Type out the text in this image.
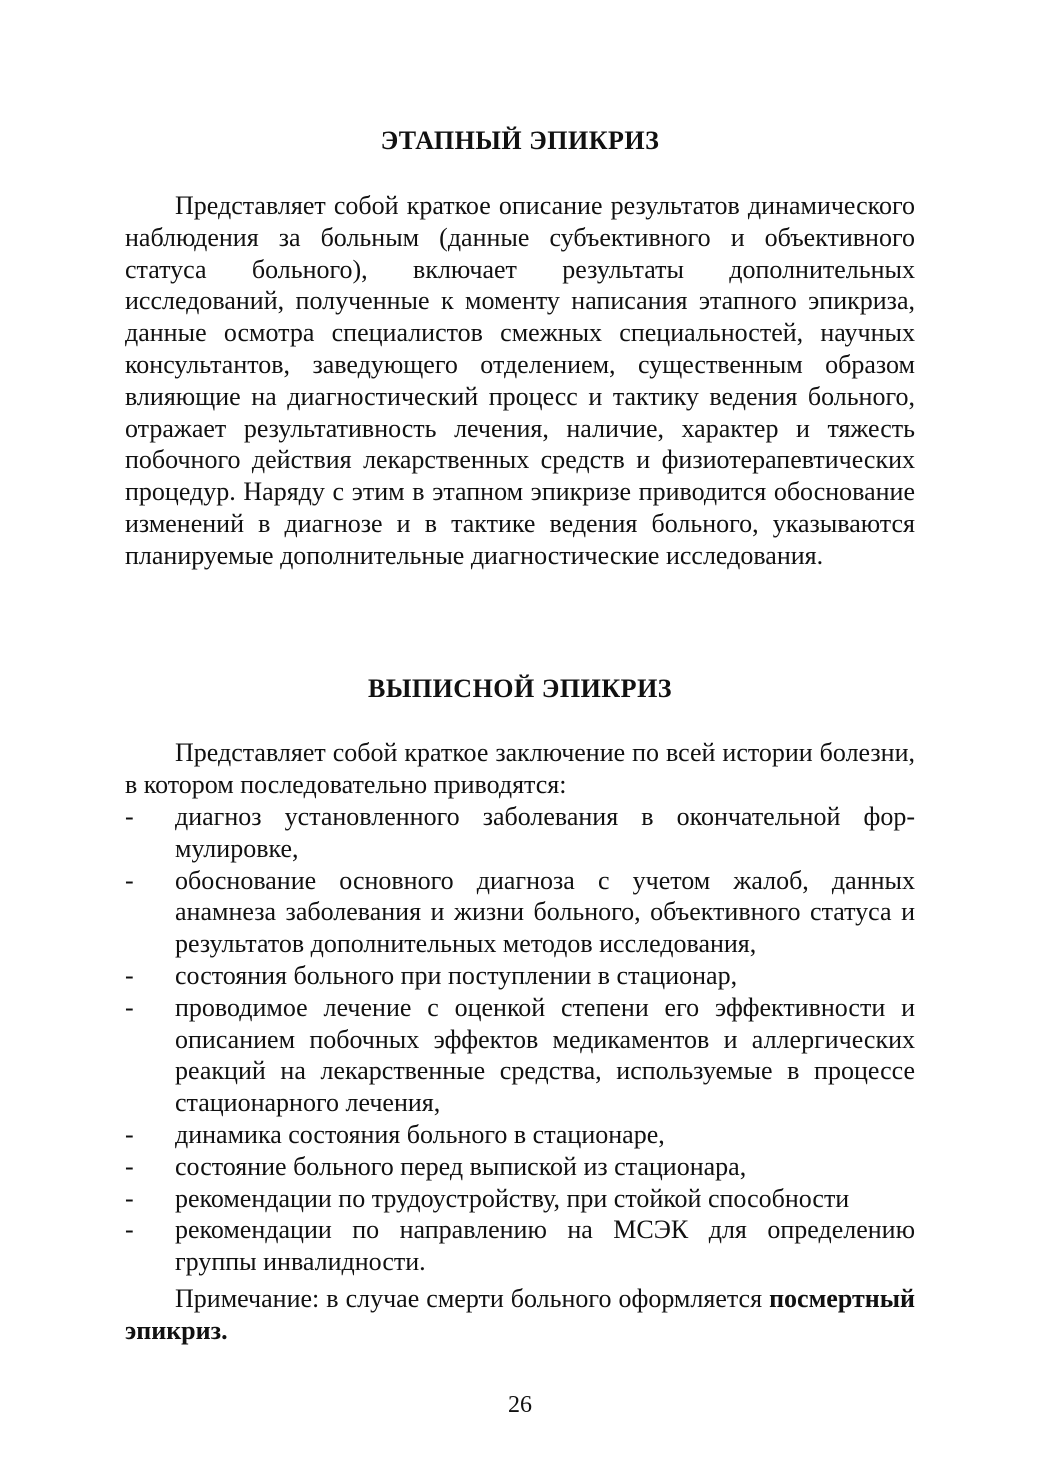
ЭТАПНЫЙ ЭПИКРИЗ

Представляет собой краткое описание результатов динамического наблюдения за больным (данные субъективного и объективного статуса больного), включает результаты дополнительных исследований, полученные к моменту написания этапного эпикриза, данные осмотра специалистов смежных специальностей, научных консультантов, заведующего отделением, существенным образом влияющие на диагностический процесс и тактику ведения больного, отражает результативность лечения, наличие, характер и тяжесть побочного действия лекарственных средств и физиотерапевтических процедур. Наряду с этим в этапном эпикризе приводится обоснование изменений в диагнозе и в тактике ведения больного, указываются планируемые дополнительные диагностические исследования.

ВЫПИСНОЙ ЭПИКРИЗ

Представляет собой краткое заключение по всей истории болезни, в котором последовательно приводятся:

- диагноз установленного заболевания в окончательной формулировке,
- обоснование основного диагноза с учетом жалоб, данных анамнеза заболевания и жизни больного, объективного статуса и результатов дополнительных методов исследования,
- состояния больного при поступлении в стационар,
- проводимое лечение с оценкой степени его эффективности и описанием побочных эффектов медикаментов и аллергических реакций на лекарственные средства, используемые в процессе стационарного лечения,
- динамика состояния больного в стационаре,
- состояние больного перед выпиской из стационара,
- рекомендации по трудоустройству, при стойкой способности
- рекомендации по направлению на МСЭК для определению группы инвалидности.

Примечание: в случае смерти больного оформляется посмертный эпикриз.

26
